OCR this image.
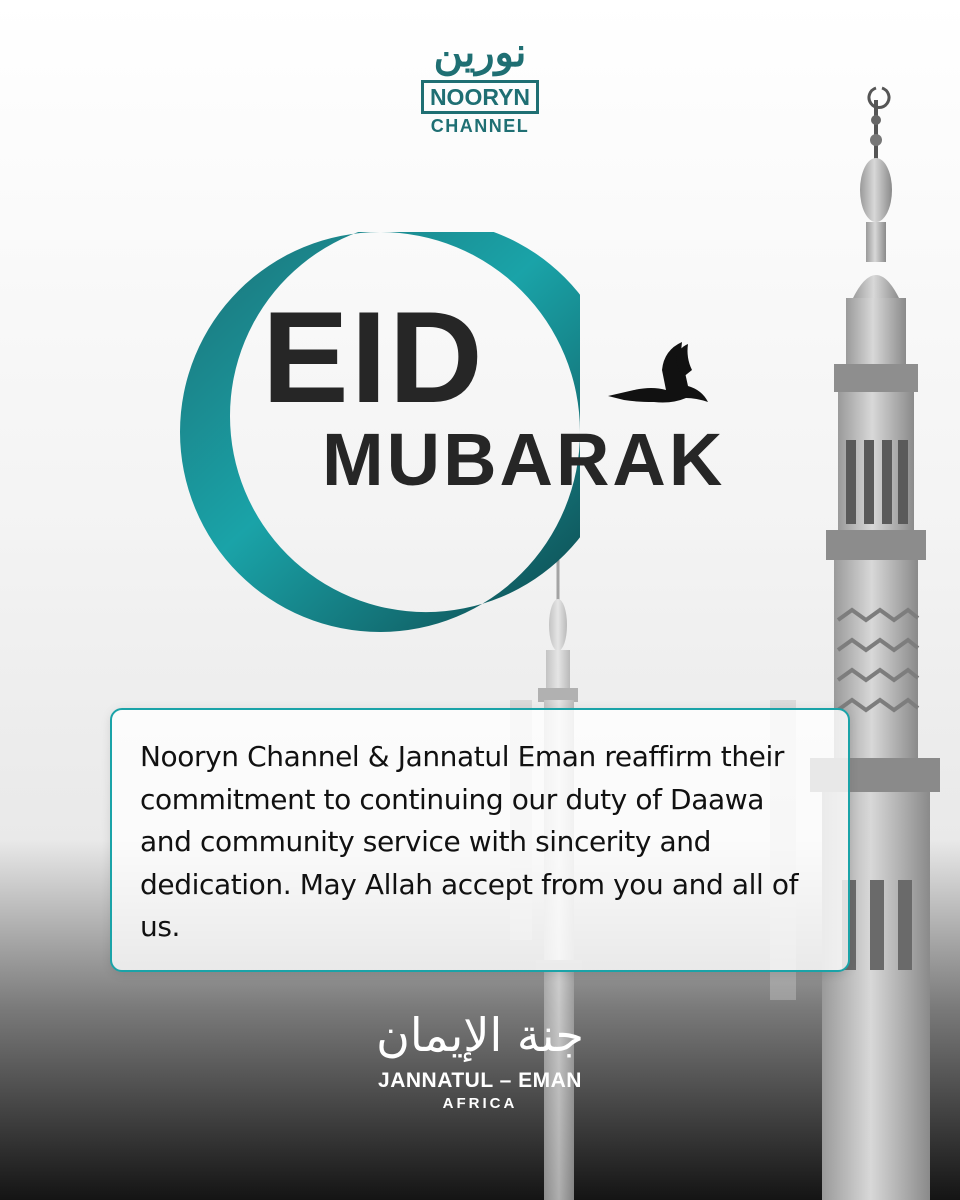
نورين
NOORYN
CHANNEL
EID
MUBARAK

Nooryn Channel & Jannatul Eman reaffirm their commitment to continuing our duty of Daawa and community service with sincerity and dedication. May Allah accept from you and all of us.

جنة الإيمان
JANNATUL – EMAN
AFRICA
